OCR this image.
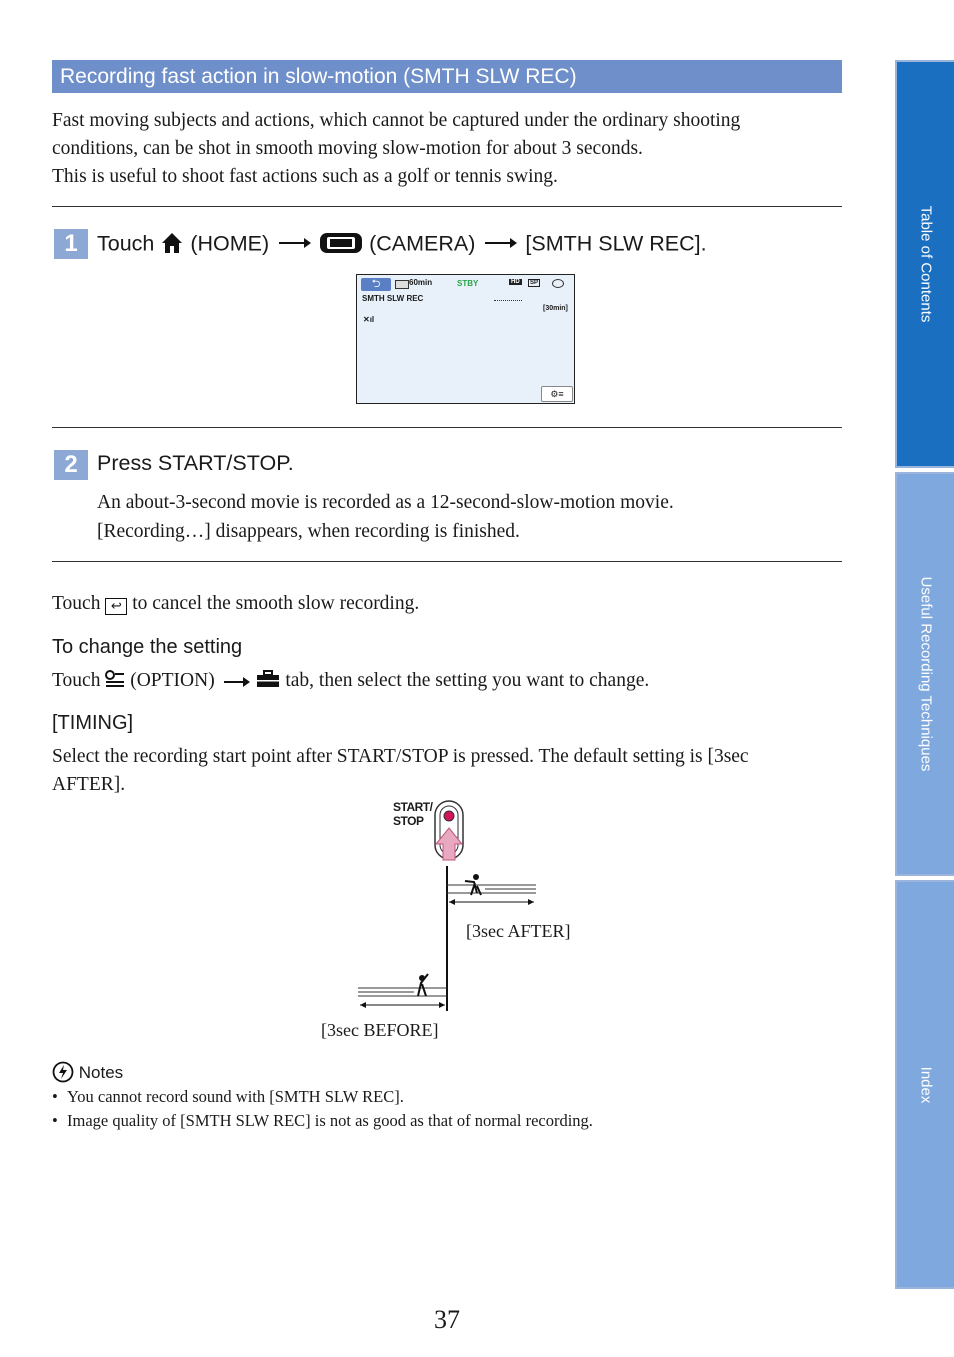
Recording fast action in slow-motion (SMTH SLW REC)
Fast moving subjects and actions, which cannot be captured under the ordinary shooting
conditions, can be shot in smooth moving slow-motion for about 3 seconds.
This is useful to shoot fast actions such as a golf or tennis swing.
1 Touch (HOME)	(CAMERA) [SMTH SLW REC].
⮌	60min	STBY	HD	SP
SMTH SLW REC
[30min]
✕ıl
⚙≡
2 Press START/STOP.
An about-3-second movie is recorded as a 12-second-slow-motion movie.
[Recording…] disappears, when recording is finished.
Touch ↩ to cancel the smooth slow recording.
To change the setting
Touch (OPTION)	tab, then select the setting you want to change.
[TIMING]
Select the recording start point after START/STOP is pressed. The default setting is [3sec
AFTER].
START/
STOP
[3sec AFTER]
[3sec BEFORE]
Notes
• You cannot record sound with [SMTH SLW REC].
• Image quality of [SMTH SLW REC] is not as good as that of normal recording.
Table of Contents
Useful Recording Techniques
Index
37
